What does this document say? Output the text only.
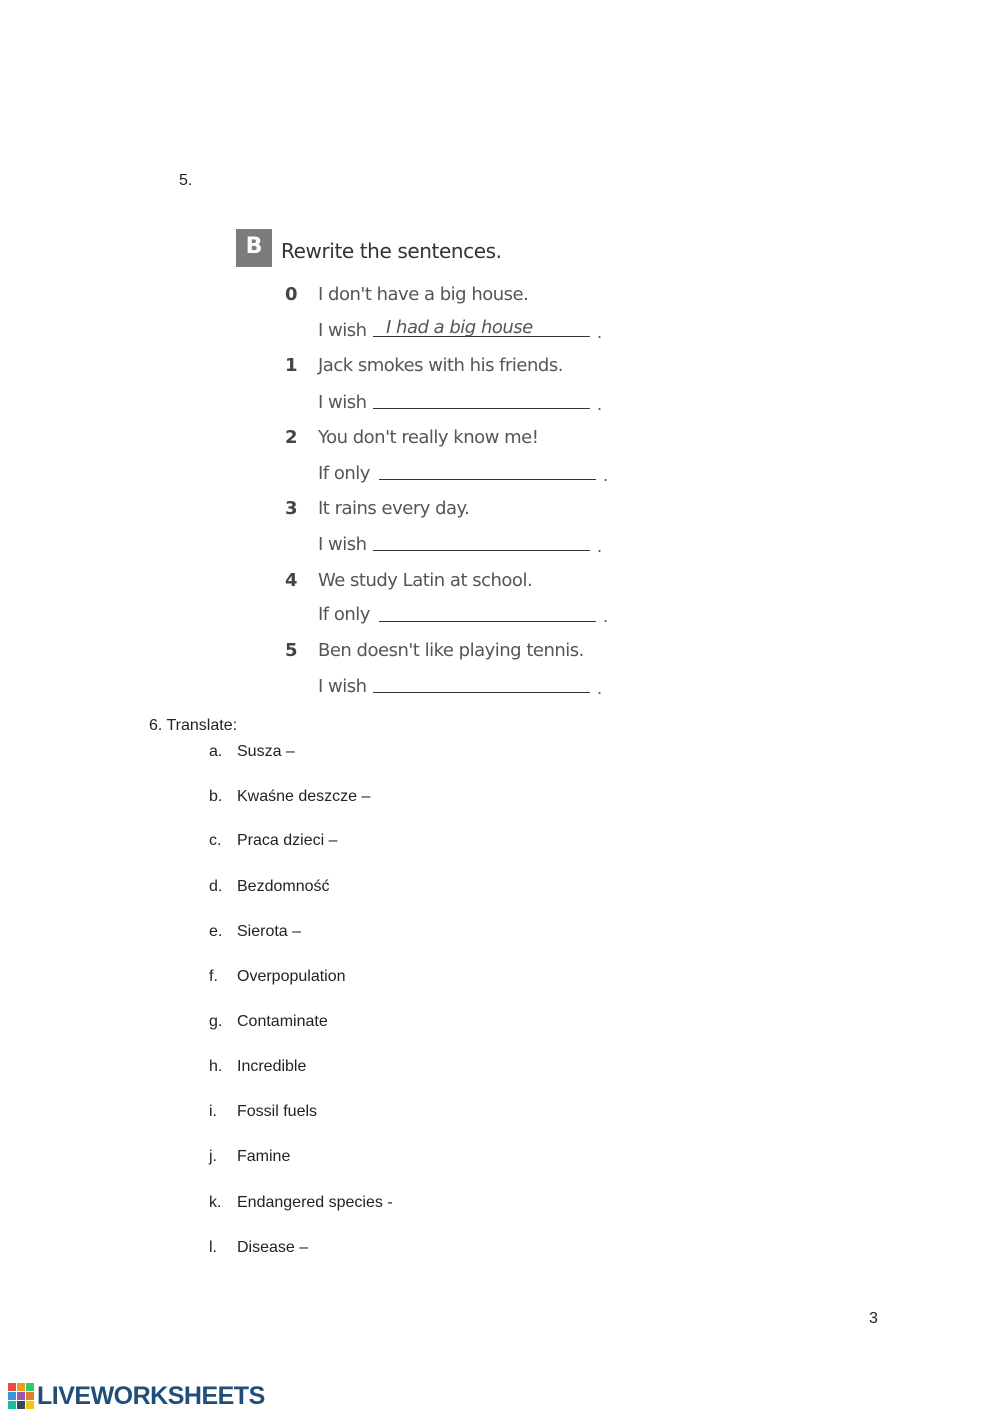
5.
B Rewrite the sentences.
0 I don't have a big house.
I wish I had a big house	.
1 Jack smokes with his friends.
I wish	.
2 You don't really know me!
If only	.
3 It rains every day.
I wish	.
4 We study Latin at school.
If only	.
5 Ben doesn't like playing tennis.
I wish	.
6. Translate:
a. Susza –
b. Kwaśne deszcze –
c. Praca dzieci –
d. Bezdomność
e. Sierota –
f. Overpopulation
g. Contaminate
h. Incredible
i. Fossil fuels
j. Famine
k. Endangered species -
l. Disease –
3
LIVEWORKSHEETS
